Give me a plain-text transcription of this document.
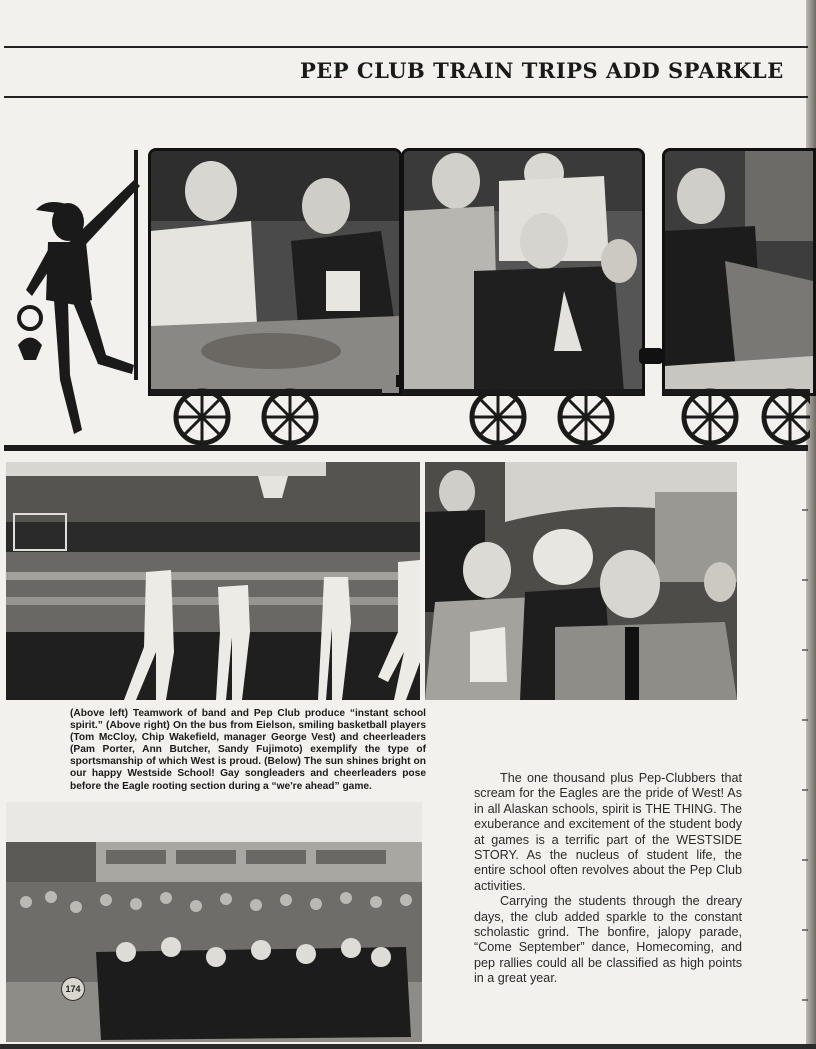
PEP CLUB TRAIN TRIPS ADD SPARKLE
(Above left) Teamwork of band and Pep Club produce “instant school spirit.” (Above right) On the bus from Eielson, smiling basketball players (Tom McCloy, Chip Wakefield, manager George Vest) and cheerleaders (Pam Porter, Ann Butcher, Sandy Fujimoto) exemplify the type of sportsmanship of which West is proud. (Below) The sun shines bright on our happy Westside School! Gay songleaders and cheerleaders pose before the Eagle rooting section during a “we're ahead” game.
174

The one thousand plus Pep-Clubbers that scream for the Eagles are the pride of West! As in all Alaskan schools, spirit is THE THING. The exuberance and excitement of the student body at games is a terrific part of the WESTSIDE STORY. As the nucleus of student life, the entire school often revolves about the Pep Club activities.

Carrying the students through the dreary days, the club added sparkle to the constant scholastic grind. The bonfire, jalopy parade, “Come September” dance, Homecoming, and pep rallies could all be classified as high points in a great year.
